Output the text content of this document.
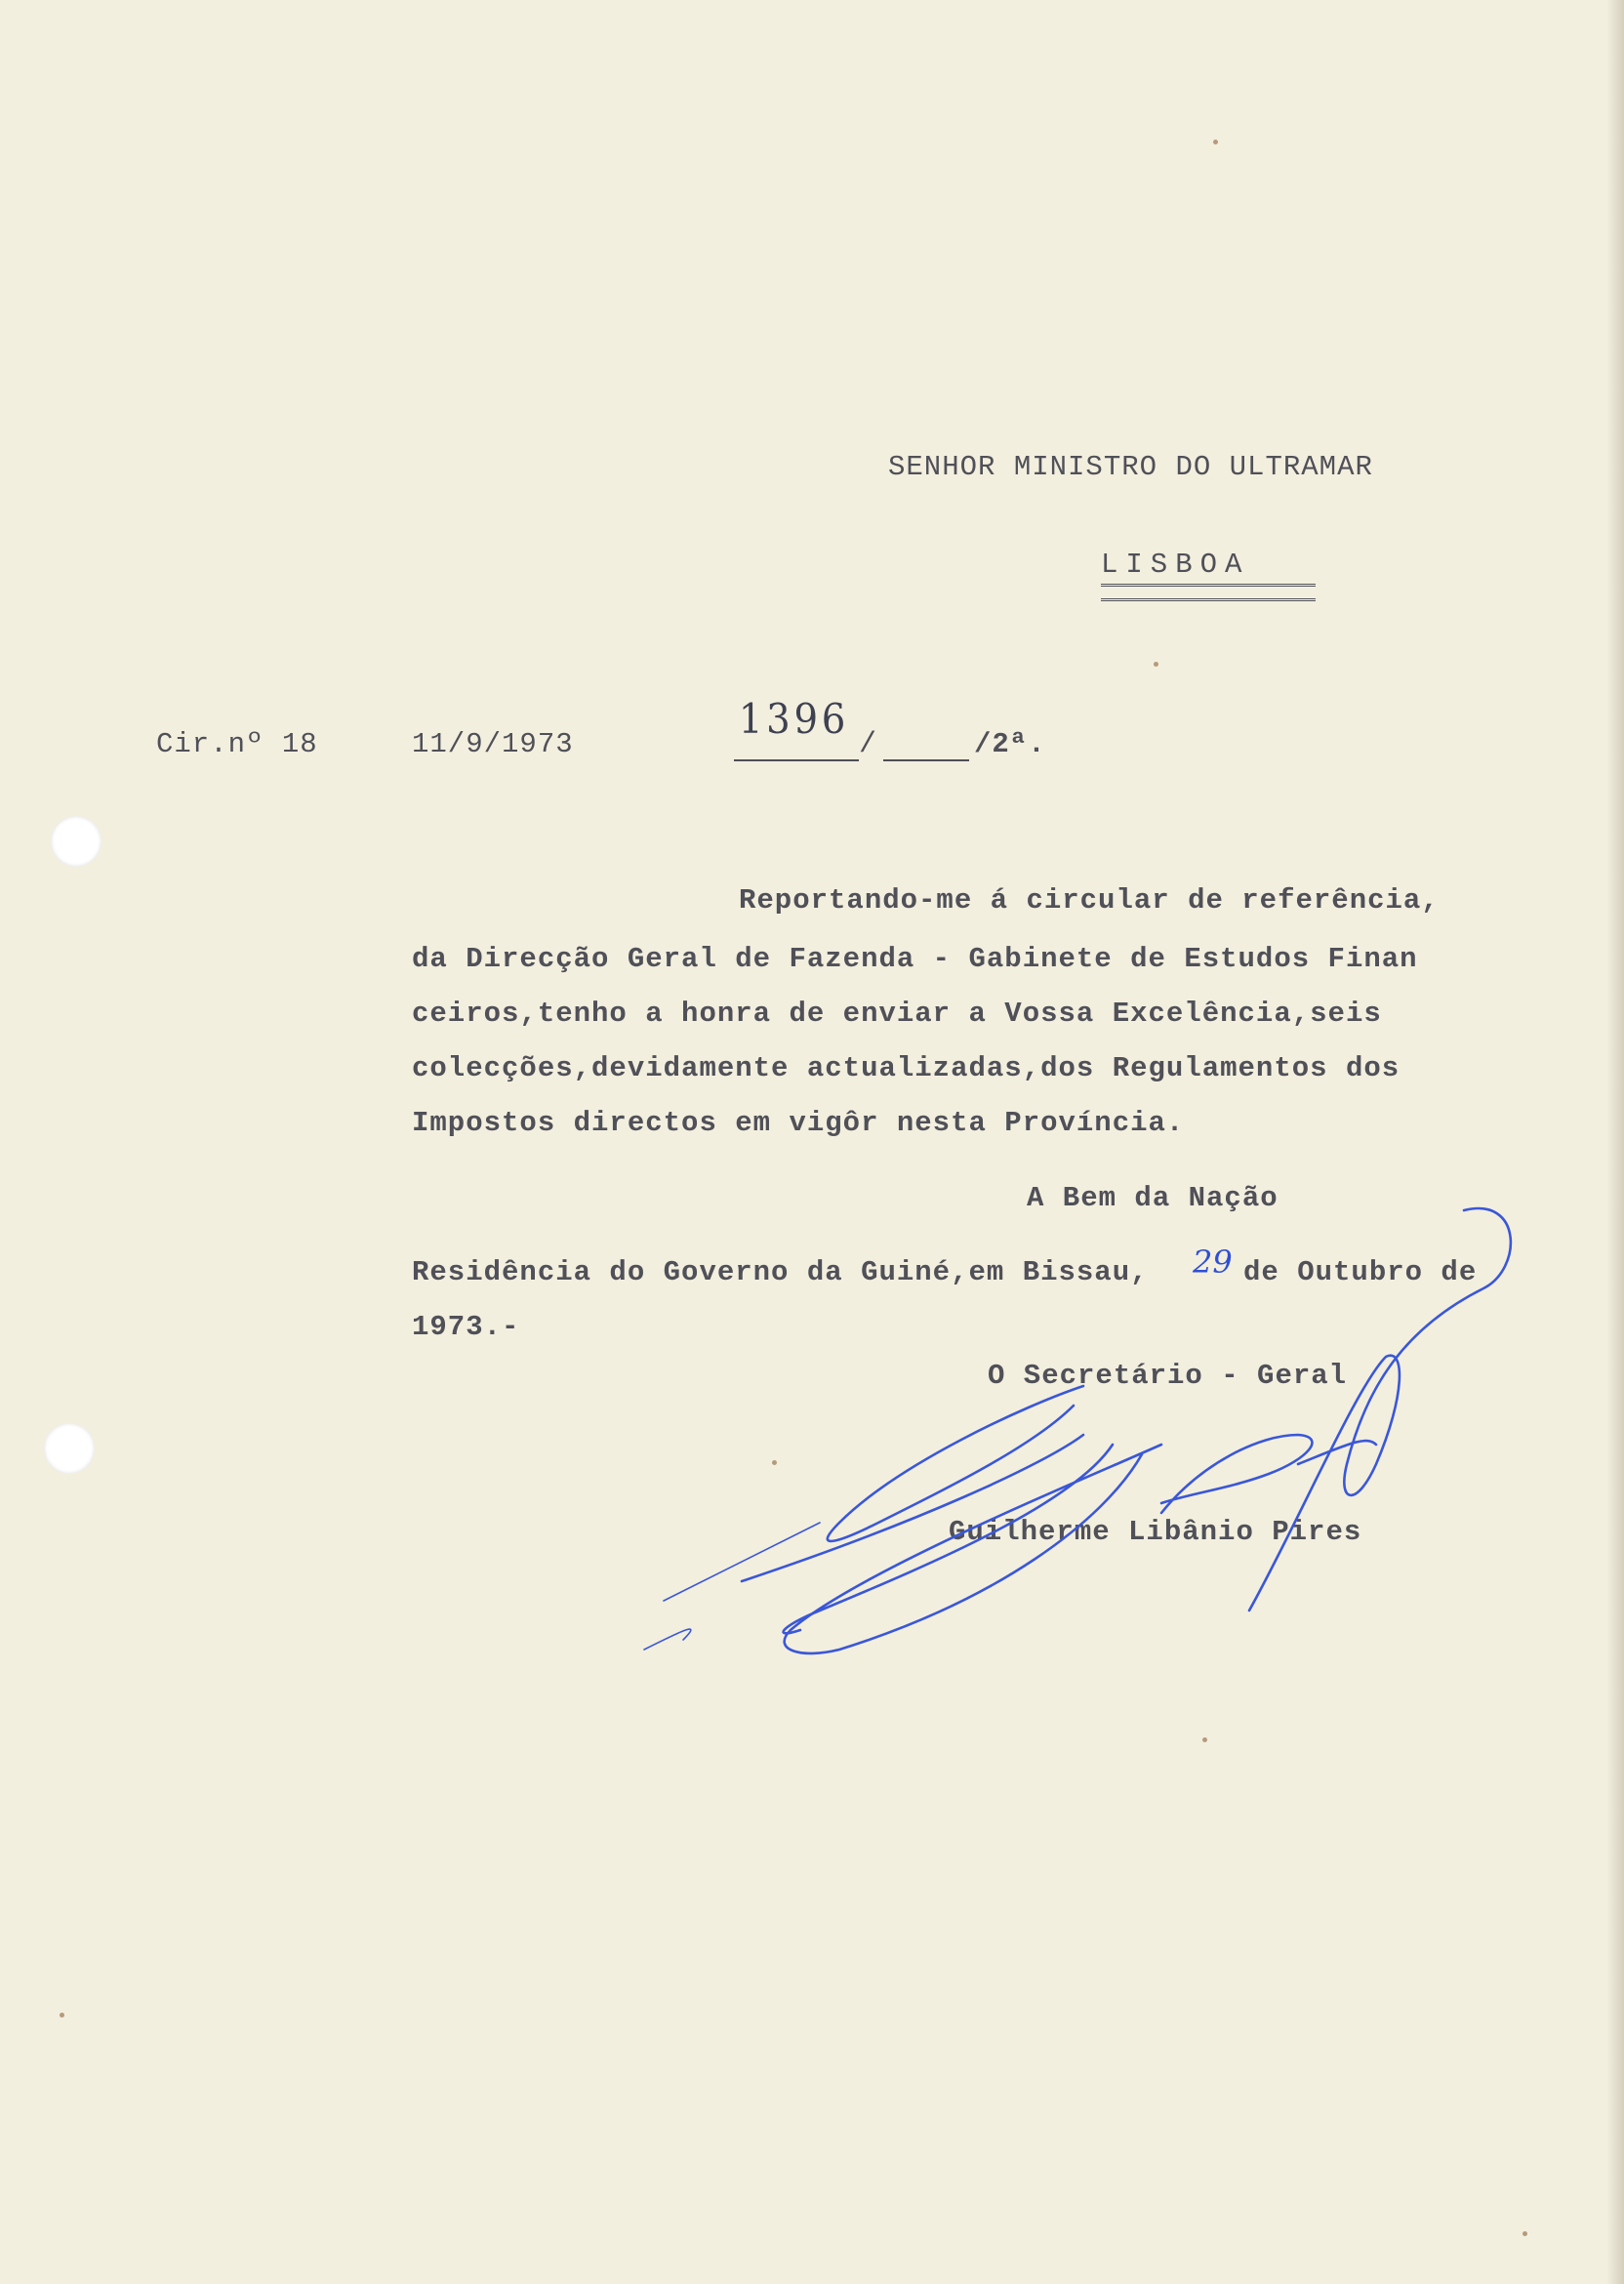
SENHOR MINISTRO DO ULTRAMAR
LISBOA
Cir.nº 18	11/9/1973
1396
/	/2ª.
Reportando-me á circular de referência,
da Direcção Geral de Fazenda - Gabinete de Estudos Finan
ceiros,tenho a honra de enviar a Vossa Excelência,seis
colecções,devidamente actualizadas,dos Regulamentos dos
Impostos directos em vigôr nesta Província.
A Bem da Nação
Residência do Governo da Guiné,em Bissau, 29 de Outubro de
1973.-
O Secretário - Geral
Guilherme Libânio Pires
